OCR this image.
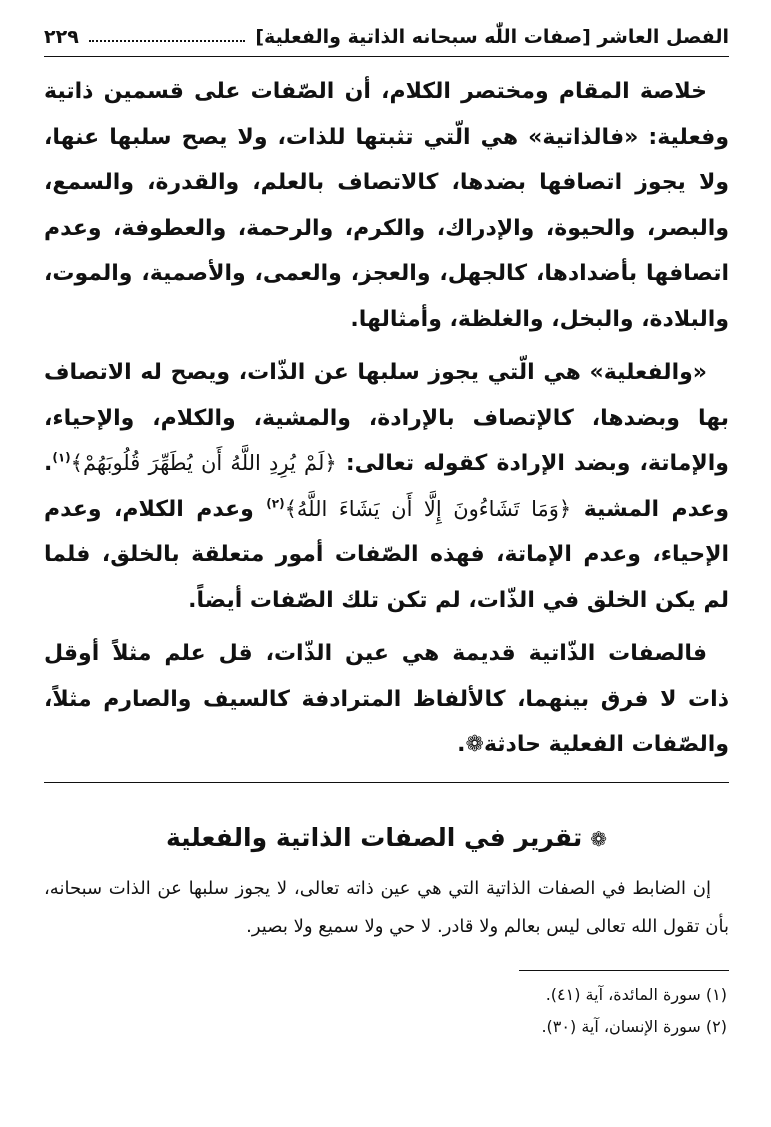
الفصل العاشر [صفات اللّٰه سبحانه الذاتية والفعلية]
٢٢٩

خلاصة المقام ومختصر الكلام، أن الصّفات على قسمين ذاتية وفعلية: «فالذاتية» هي الّتي تثبتها للذات، ولا يصح سلبها عنها، ولا يجوز اتصافها بضدها، كالاتصاف بالعلم، والقدرة، والسمع، والبصر، والحيوة، والإدراك، والكرم، والرحمة، والعطوفة، وعدم اتصافها بأضدادها، كالجهل، والعجز، والعمى، والأصمية، والموت، والبلادة، والبخل، والغلظة، وأمثالها.

«والفعلية» هي الّتي يجوز سلبها عن الذّات، ويصح له الاتصاف بها وبضدها، كالإتصاف بالإرادة، والمشية، والكلام، والإحياء، والإماتة، وبضد الإرادة كقوله تعالى: ﴿لَمْ يُرِدِ اللَّهُ أَن يُطَهِّرَ قُلُوبَهُمْ﴾$^{(١)}$. وعدم المشية ﴿وَمَا تَشَاءُونَ إِلَّا أَن يَشَاءَ اللَّهُ﴾$^{(٢)}$ وعدم الكلام، وعدم الإحياء، وعدم الإماتة، فهذه الصّفات أمور متعلقة بالخلق، فلما لم يكن الخلق في الذّات، لم تكن تلك الصّفات أيضاً.

فالصفات الذّاتية قديمة هي عين الذّات، قل علم مثلاً أوقل ذات لا فرق بينهما، كالألفاظ المترادفة كالسيف والصارم مثلاً، والصّفات الفعلية حادثة❁.

❁تقرير في الصفات الذاتية والفعلية

إن الضابط في الصفات الذاتية التي هي عين ذاته تعالى، لا يجوز سلبها عن الذات سبحانه، بأن تقول الله تعالى ليس بعالم ولا قادر. لا حي ولا سميع ولا بصير.

(١) سورة المائدة، آية (٤١).
(٢) سورة الإنسان، آية (٣٠).
